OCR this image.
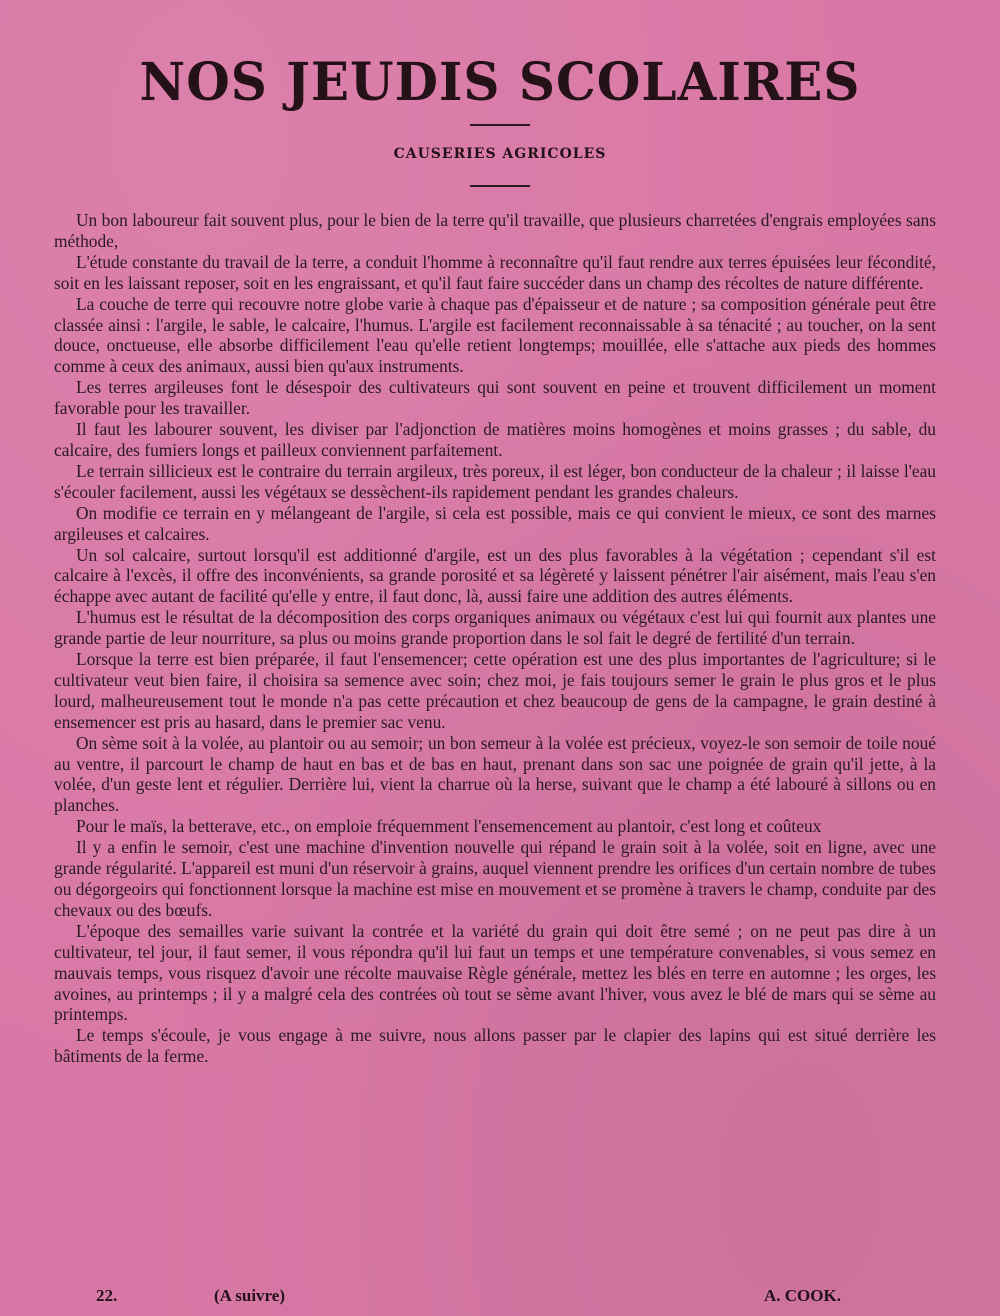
NOS JEUDIS SCOLAIRES
CAUSERIES AGRICOLES

Un bon laboureur fait souvent plus, pour le bien de la terre qu'il travaille, que plusieurs charretées d'engrais employées sans méthode,

L'étude constante du travail de la terre, a conduit l'homme à reconnaître qu'il faut rendre aux terres épuisées leur fécondité, soit en les laissant reposer, soit en les engraissant, et qu'il faut faire succéder dans un champ des récoltes de nature différente.

La couche de terre qui recouvre notre globe varie à chaque pas d'épaisseur et de nature ; sa composition générale peut être classée ainsi : l'argile, le sable, le calcaire, l'humus. L'argile est facilement reconnaissable à sa ténacité ; au toucher, on la sent douce, onctueuse, elle absorbe difficilement l'eau qu'elle retient longtemps; mouillée, elle s'attache aux pieds des hommes comme à ceux des animaux, aussi bien qu'aux instruments.

Les terres argileuses font le désespoir des cultivateurs qui sont souvent en peine et trouvent difficilement un moment favorable pour les travailler.

Il faut les labourer souvent, les diviser par l'adjonction de matières moins homogènes et moins grasses ; du sable, du calcaire, des fumiers longs et pailleux conviennent parfaitement.

Le terrain sillicieux est le contraire du terrain argileux, très poreux, il est léger, bon conducteur de la chaleur ; il laisse l'eau s'écouler facilement, aussi les végétaux se dessèchent-ils rapidement pendant les grandes chaleurs.

On modifie ce terrain en y mélangeant de l'argile, si cela est possible, mais ce qui convient le mieux, ce sont des marnes argileuses et calcaires.

Un sol calcaire, surtout lorsqu'il est additionné d'argile, est un des plus favorables à la végétation ; cependant s'il est calcaire à l'excès, il offre des inconvénients, sa grande porosité et sa légèreté y laissent pénétrer l'air aisément, mais l'eau s'en échappe avec autant de facilité qu'elle y entre, il faut donc, là, aussi faire une addition des autres éléments.

L'humus est le résultat de la décomposition des corps organiques animaux ou végétaux c'est lui qui fournit aux plantes une grande partie de leur nourriture, sa plus ou moins grande proportion dans le sol fait le degré de fertilité d'un terrain.

Lorsque la terre est bien préparée, il faut l'ensemencer; cette opération est une des plus importantes de l'agriculture; si le cultivateur veut bien faire, il choisira sa semence avec soin; chez moi, je fais toujours semer le grain le plus gros et le plus lourd, malheureusement tout le monde n'a pas cette précaution et chez beaucoup de gens de la campagne, le grain destiné à ensemencer est pris au hasard, dans le premier sac venu.

On sème soit à la volée, au plantoir ou au semoir; un bon semeur à la volée est précieux, voyez-le son semoir de toile noué au ventre, il parcourt le champ de haut en bas et de bas en haut, prenant dans son sac une poignée de grain qu'il jette, à la volée, d'un geste lent et régulier. Derrière lui, vient la charrue où la herse, suivant que le champ a été labouré à sillons ou en planches.

Pour le maïs, la betterave, etc., on emploie fréquemment l'ensemencement au plantoir, c'est long et coûteux

Il y a enfin le semoir, c'est une machine d'invention nouvelle qui répand le grain soit à la volée, soit en ligne, avec une grande régularité. L'appareil est muni d'un réservoir à grains, auquel viennent prendre les orifices d'un certain nombre de tubes ou dégorgeoirs qui fonctionnent lorsque la machine est mise en mouvement et se promène à travers le champ, conduite par des chevaux ou des bœufs.

L'époque des semailles varie suivant la contrée et la variété du grain qui doit être semé ; on ne peut pas dire à un cultivateur, tel jour, il faut semer, il vous répondra qu'il lui faut un temps et une température convenables, si vous semez en mauvais temps, vous risquez d'avoir une récolte mauvaise Règle générale, mettez les blés en terre en automne ; les orges, les avoines, au printemps ; il y a malgré cela des contrées où tout se sème avant l'hiver, vous avez le blé de mars qui se sème au printemps.

Le temps s'écoule, je vous engage à me suivre, nous allons passer par le clapier des lapins qui est situé derrière les bâtiments de la ferme.

22.	(A suivre)	A. COOK.
